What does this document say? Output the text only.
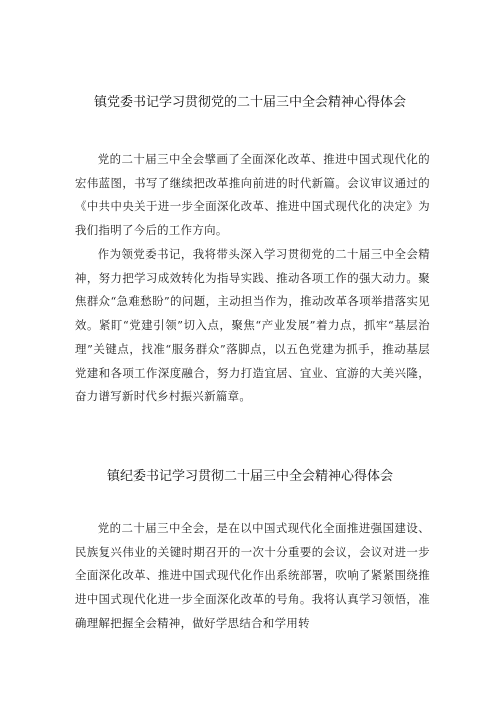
镇党委书记学习贯彻党的二十届三中全会精神心得体会

党的二十届三中全会擘画了全面深化改革、推进中国式现代化的宏伟蓝图，书写了继续把改革推向前进的时代新篇。会议审议通过的《中共中央关于进一步全面深化改革、推进中国式现代化的决定》为我们指明了今后的工作方向。

作为领党委书记，我将带头深入学习贯彻党的二十届三中全会精神，努力把学习成效转化为指导实践、推动各项工作的强大动力。聚焦群众“急难愁盼”的问题，主动担当作为，推动改革各项举措落实见效。紧盯“党建引领”切入点，聚焦“产业发展”着力点，抓牢“基层治理”关键点，找准“服务群众”落脚点，以五色党建为抓手，推动基层党建和各项工作深度融合，努力打造宜居、宜业、宜游的大美兴隆，奋力谱写新时代乡村振兴新篇章。

镇纪委书记学习贯彻二十届三中全会精神心得体会

党的二十届三中全会，是在以中国式现代化全面推进强国建设、民族复兴伟业的关键时期召开的一次十分重要的会议，会议对进一步全面深化改革、推进中国式现代化作出系统部署，吹响了紧紧围绕推进中国式现代化进一步全面深化改革的号角。我将认真学习领悟，准确理解把握全会精神，做好学思结合和学用转
